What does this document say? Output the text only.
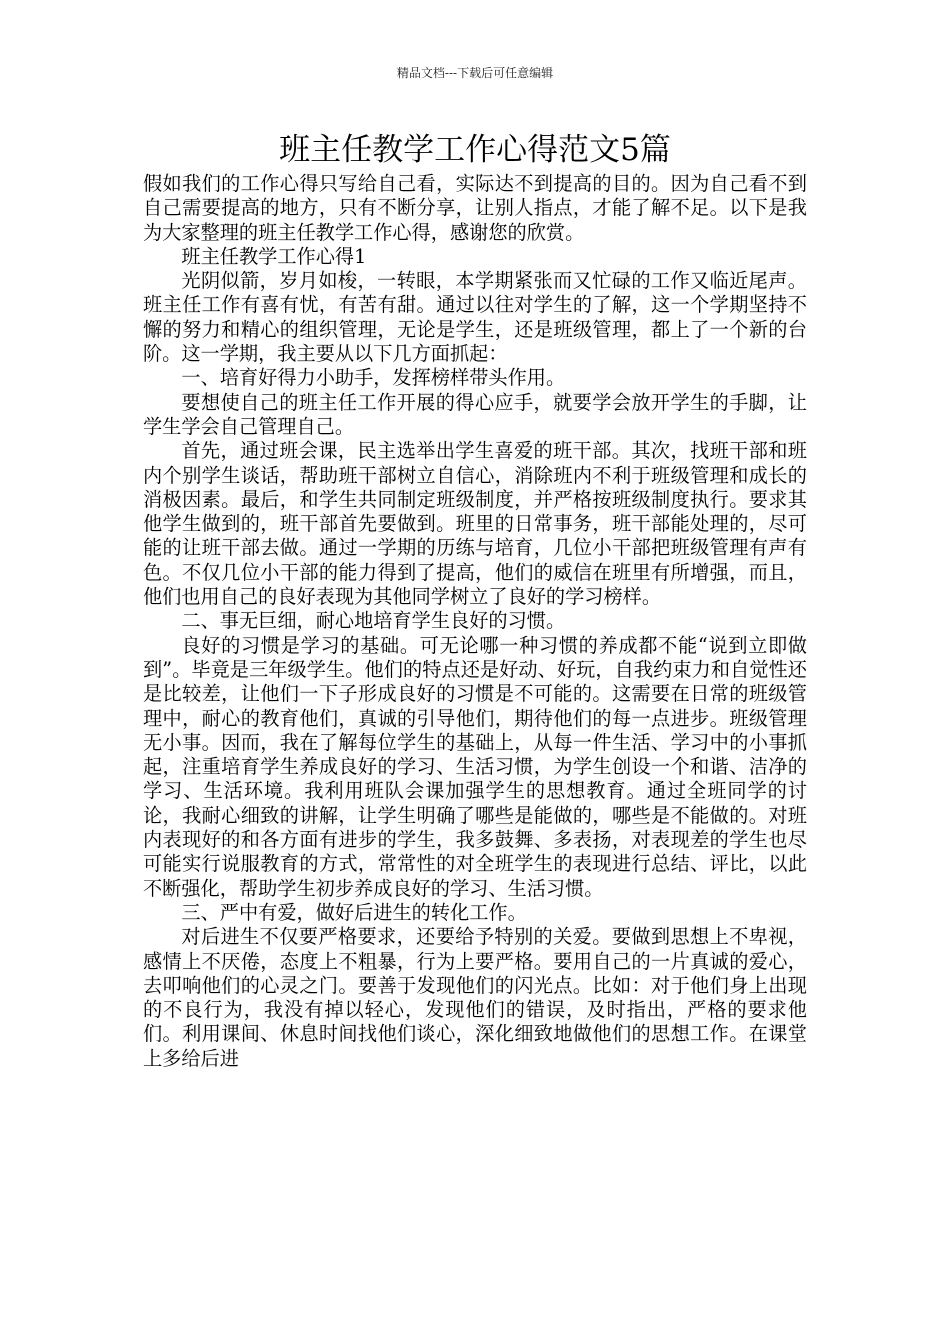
精品文档---下载后可任意编辑
班主任教学工作心得范文5篇

假如我们的工作心得只写给自己看，实际达不到提高的目的。因为自己看不到自己需要提高的地方，只有不断分享，让别人指点，才能了解不足。以下是我为大家整理的班主任教学工作心得，感谢您的欣赏。

班主任教学工作心得1

光阴似箭，岁月如梭，一转眼，本学期紧张而又忙碌的工作又临近尾声。班主任工作有喜有忧，有苦有甜。通过以往对学生的了解，这一个学期坚持不懈的努力和精心的组织管理，无论是学生，还是班级管理，都上了一个新的台阶。这一学期，我主要从以下几方面抓起：

一、培育好得力小助手，发挥榜样带头作用。

要想使自己的班主任工作开展的得心应手，就要学会放开学生的手脚，让学生学会自己管理自己。

首先，通过班会课，民主选举出学生喜爱的班干部。其次，找班干部和班内个别学生谈话，帮助班干部树立自信心，消除班内不利于班级管理和成长的消极因素。最后，和学生共同制定班级制度，并严格按班级制度执行。要求其他学生做到的，班干部首先要做到。班里的日常事务，班干部能处理的，尽可能的让班干部去做。通过一学期的历练与培育，几位小干部把班级管理有声有色。不仅几位小干部的能力得到了提高，他们的威信在班里有所增强，而且，他们也用自己的良好表现为其他同学树立了良好的学习榜样。

二、事无巨细，耐心地培育学生良好的习惯。

良好的习惯是学习的基础。可无论哪一种习惯的养成都不能“说到立即做到”。毕竟是三年级学生。他们的特点还是好动、好玩，自我约束力和自觉性还是比较差，让他们一下子形成良好的习惯是不可能的。这需要在日常的班级管理中，耐心的教育他们，真诚的引导他们，期待他们的每一点进步。班级管理无小事。因而，我在了解每位学生的基础上，从每一件生活、学习中的小事抓起，注重培育学生养成良好的学习、生活习惯，为学生创设一个和谐、洁净的学习、生活环境。我利用班队会课加强学生的思想教育。通过全班同学的讨论，我耐心细致的讲解，让学生明确了哪些是能做的，哪些是不能做的。对班内表现好的和各方面有进步的学生，我多鼓舞、多表扬，对表现差的学生也尽可能实行说服教育的方式，常常性的对全班学生的表现进行总结、评比，以此不断强化，帮助学生初步养成良好的学习、生活习惯。

三、严中有爱，做好后进生的转化工作。

对后进生不仅要严格要求，还要给予特别的关爱。要做到思想上不卑视，感情上不厌倦，态度上不粗暴，行为上要严格。要用自己的一片真诚的爱心，去叩响他们的心灵之门。要善于发现他们的闪光点。比如：对于他们身上出现的不良行为，我没有掉以轻心，发现他们的错误，及时指出，严格的要求他们。利用课间、休息时间找他们谈心，深化细致地做他们的思想工作。在课堂上多给后进
